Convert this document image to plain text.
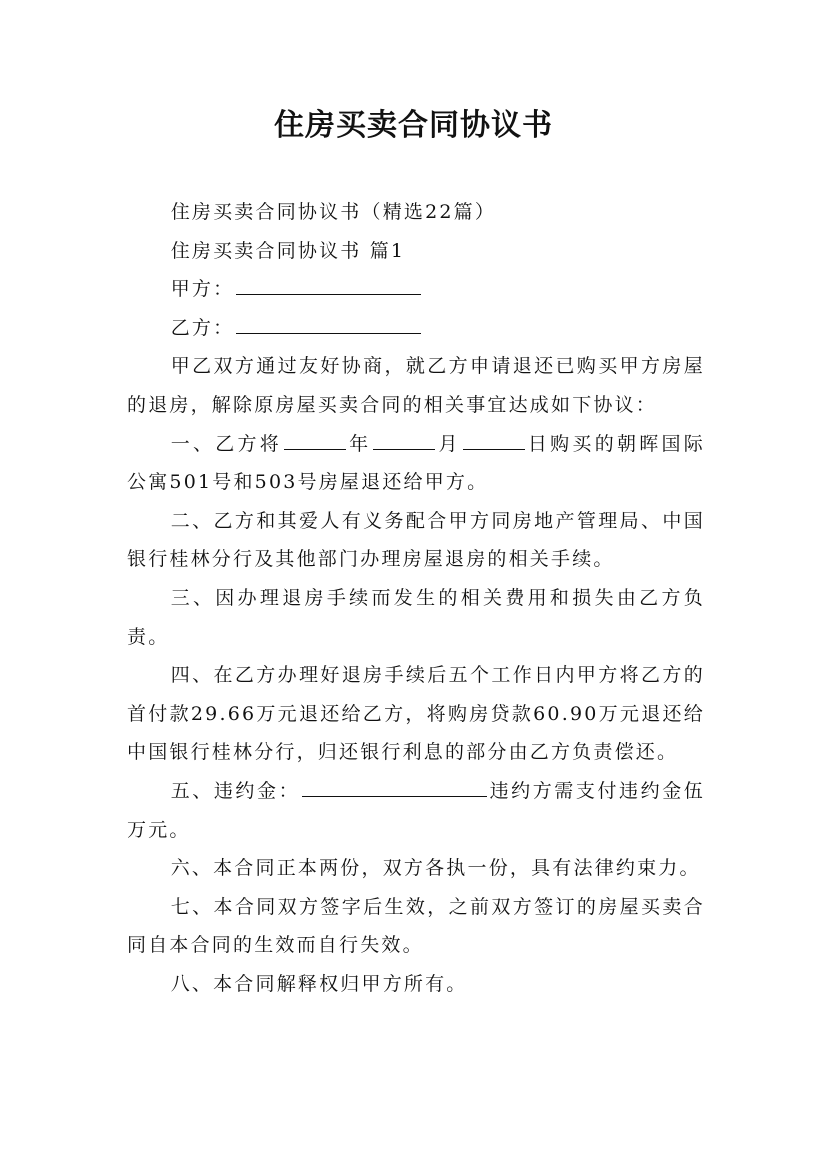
住房买卖合同协议书

住房买卖合同协议书（精选22篇）

住房买卖合同协议书 篇1

甲方：

乙方：

甲乙双方通过友好协商，就乙方申请退还已购买甲方房屋的退房，解除原房屋买卖合同的相关事宜达成如下协议：

一、乙方将	年	月	日购买的朝晖国际公寓501号和503号房屋退还给甲方。

二、乙方和其爱人有义务配合甲方同房地产管理局、中国银行桂林分行及其他部门办理房屋退房的相关手续。

三、因办理退房手续而发生的相关费用和损失由乙方负责。

四、在乙方办理好退房手续后五个工作日内甲方将乙方的首付款29.66万元退还给乙方，将购房贷款60.90万元退还给中国银行桂林分行，归还银行利息的部分由乙方负责偿还。

五、违约金：	违约方需支付违约金伍万元。

六、本合同正本两份，双方各执一份，具有法律约束力。

七、本合同双方签字后生效，之前双方签订的房屋买卖合同自本合同的生效而自行失效。

八、本合同解释权归甲方所有。
